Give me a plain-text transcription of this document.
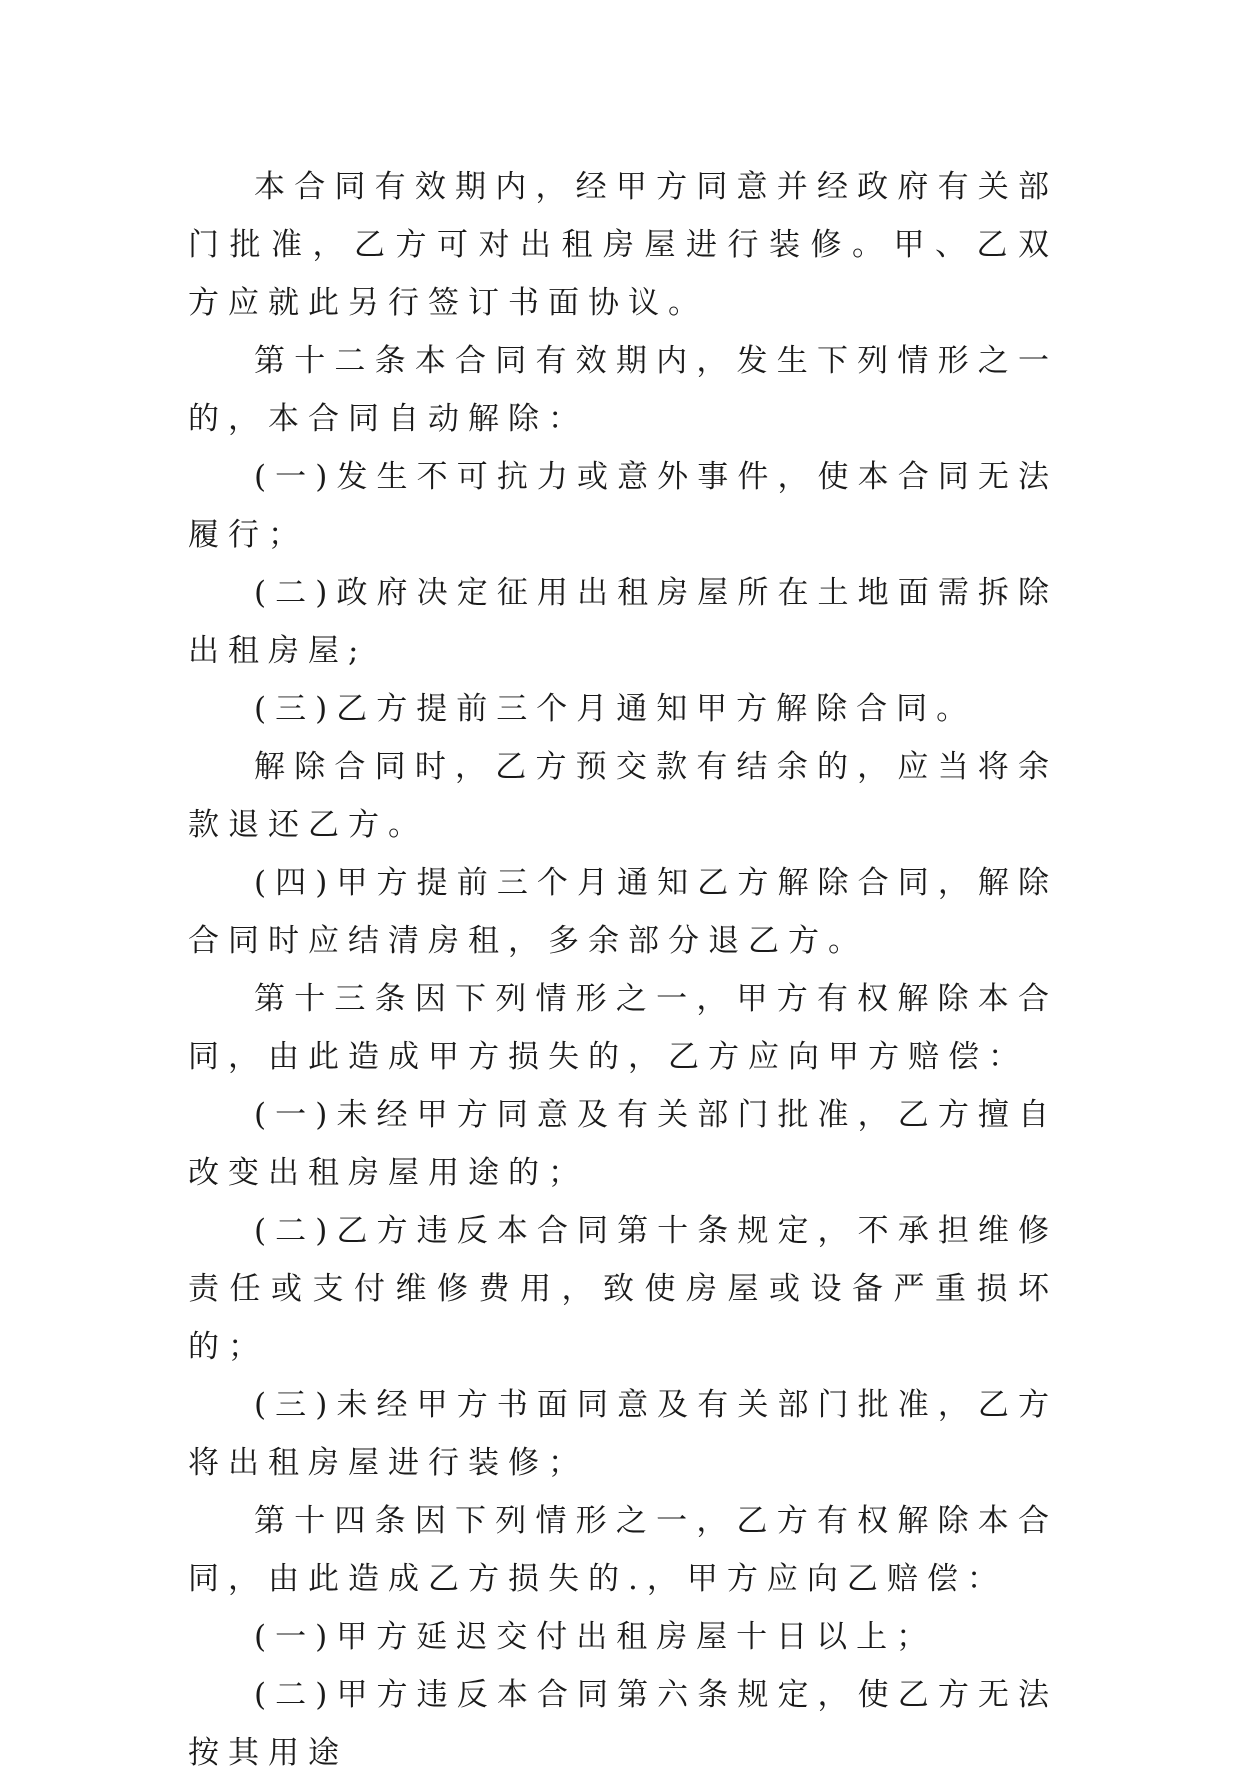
本合同有效期内，经甲方同意并经政府有关部门批准，乙方可对出租房屋进行装修。甲、乙双方应就此另行签订书面协议。

第十二条本合同有效期内，发生下列情形之一的，本合同自动解除：

(一)发生不可抗力或意外事件，使本合同无法履行；

(二)政府决定征用出租房屋所在土地面需拆除出租房屋;

(三)乙方提前三个月通知甲方解除合同。

解除合同时，乙方预交款有结余的，应当将余款退还乙方。

(四)甲方提前三个月通知乙方解除合同，解除合同时应结清房租，多余部分退乙方。

第十三条因下列情形之一，甲方有权解除本合同，由此造成甲方损失的，乙方应向甲方赔偿：

(一)未经甲方同意及有关部门批准，乙方擅自改变出租房屋用途的；

(二)乙方违反本合同第十条规定，不承担维修责任或支付维修费用，致使房屋或设备严重损坏的；

(三)未经甲方书面同意及有关部门批准，乙方将出租房屋进行装修；

第十四条因下列情形之一，乙方有权解除本合同，由此造成乙方损失的.，甲方应向乙赔偿：

(一)甲方延迟交付出租房屋十日以上；

(二)甲方违反本合同第六条规定，使乙方无法按其用途
